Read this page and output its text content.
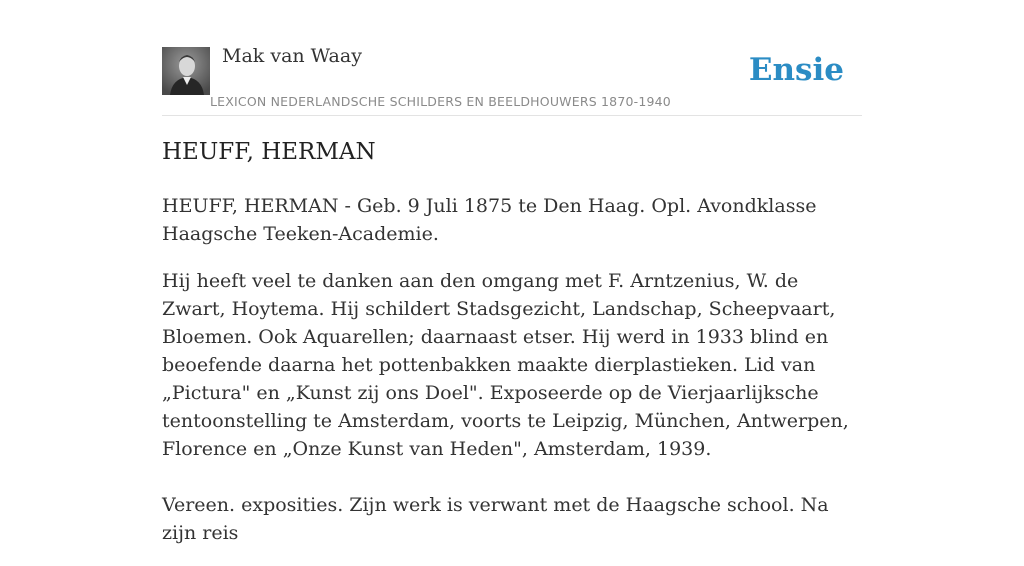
Mak van Waay
LEXICON NEDERLANDSCHE SCHILDERS EN BEELDHOUWERS 1870-1940
Ensie
HEUFF, HERMAN

HEUFF, HERMAN - Geb. 9 Juli 1875 te Den Haag. Opl. Avondklasse Haagsche Teeken-Academie.

Hij heeft veel te danken aan den omgang met F. Arntzenius, W. de Zwart, Hoytema. Hij schildert Stadsgezicht, Landschap, Scheepvaart, Bloemen. Ook Aquarellen; daarnaast etser. Hij werd in 1933 blind en beoefende daarna het pottenbakken maakte dierplastieken. Lid van „Pictura" en „Kunst zij ons Doel". Exposeerde op de Vierjaarlijksche tentoonstelling te Amsterdam, voorts te Leipzig, München, Antwerpen, Florence en „Onze Kunst van Heden", Amsterdam, 1939.

Vereen. exposities. Zijn werk is verwant met de Haagsche school. Na zijn reis
